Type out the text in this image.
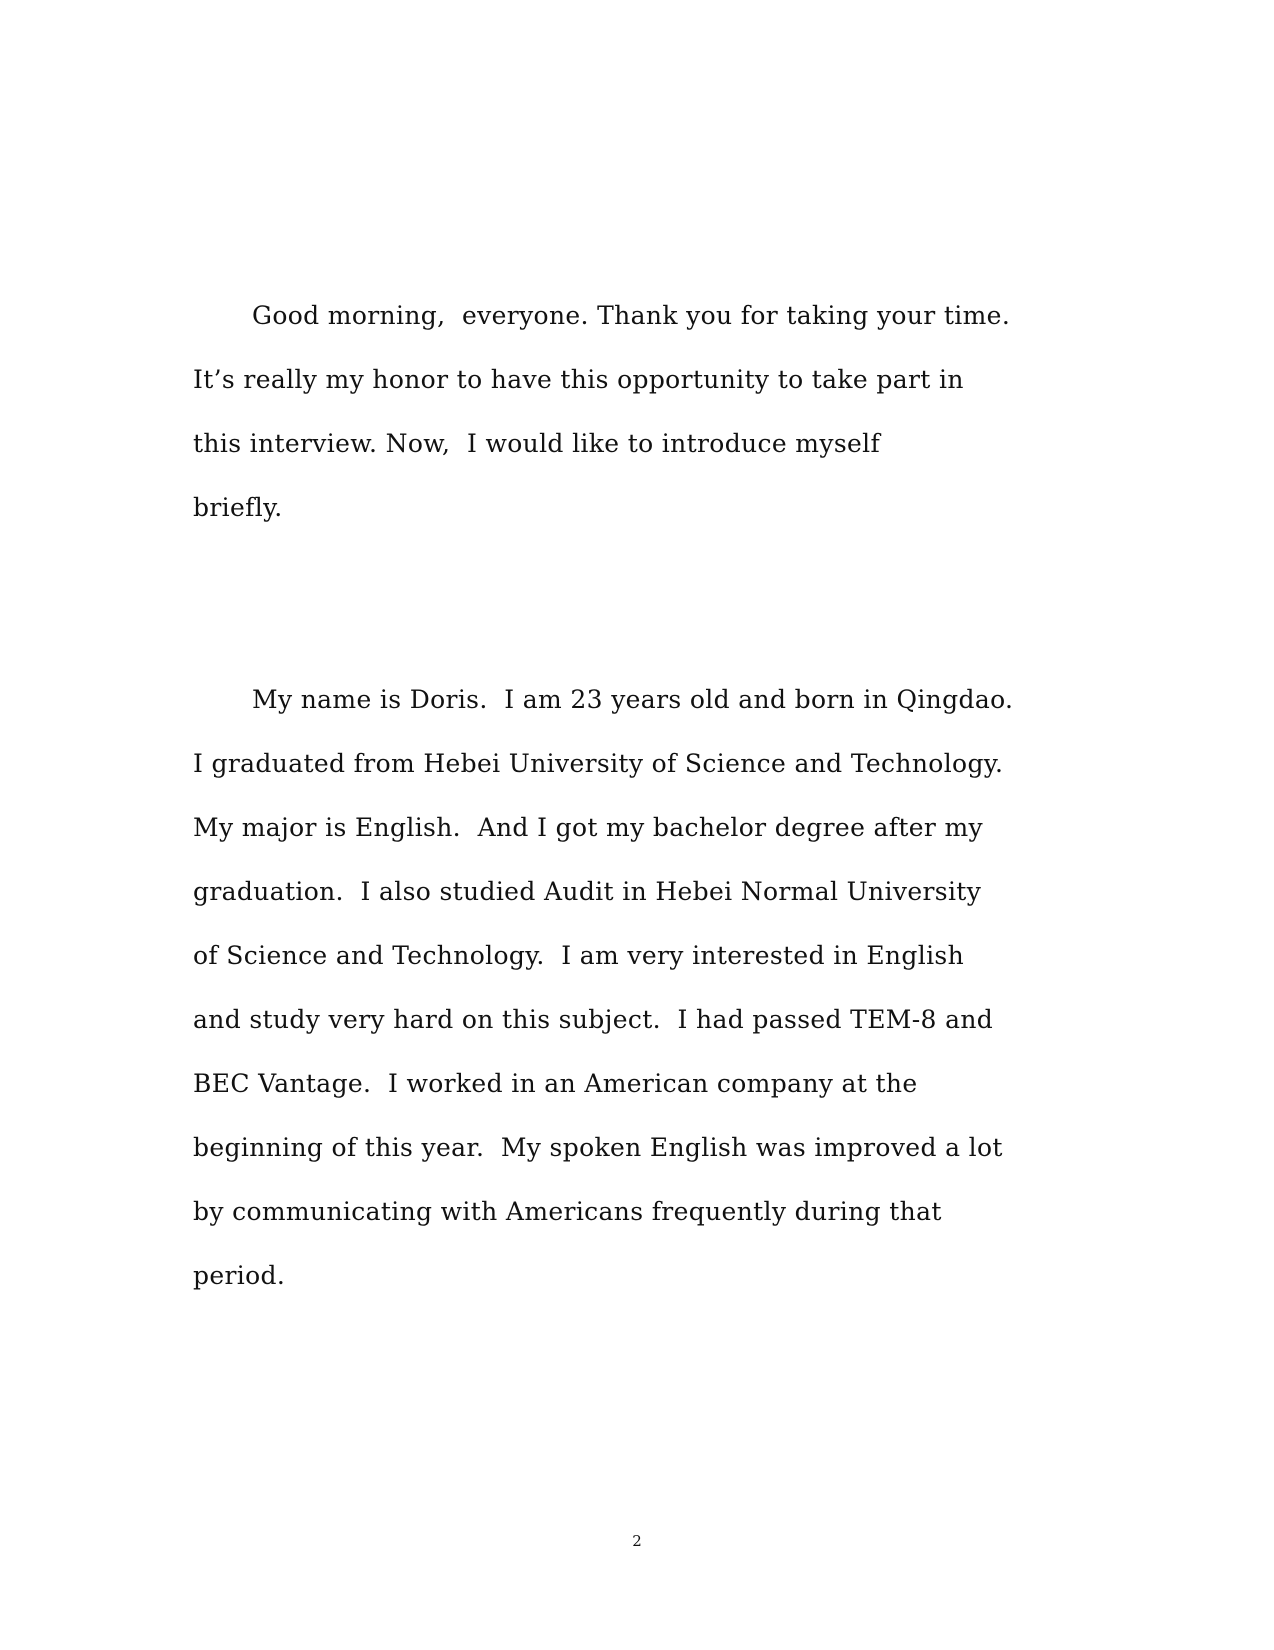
Good morning,  everyone. Thank you for taking your time.

It’s really my honor to have this opportunity to take part in

this interview. Now,  I would like to introduce myself

briefly.

My name is Doris.  I am 23 years old and born in Qingdao.

I graduated from Hebei University of Science and Technology.

My major is English.  And I got my bachelor degree after my

graduation.  I also studied Audit in Hebei Normal University

of Science and Technology.  I am very interested in English

and study very hard on this subject.  I had passed TEM-8 and

BEC Vantage.  I worked in an American company at the

beginning of this year.  My spoken English was improved a lot

by communicating with Americans frequently during that

period.

2
